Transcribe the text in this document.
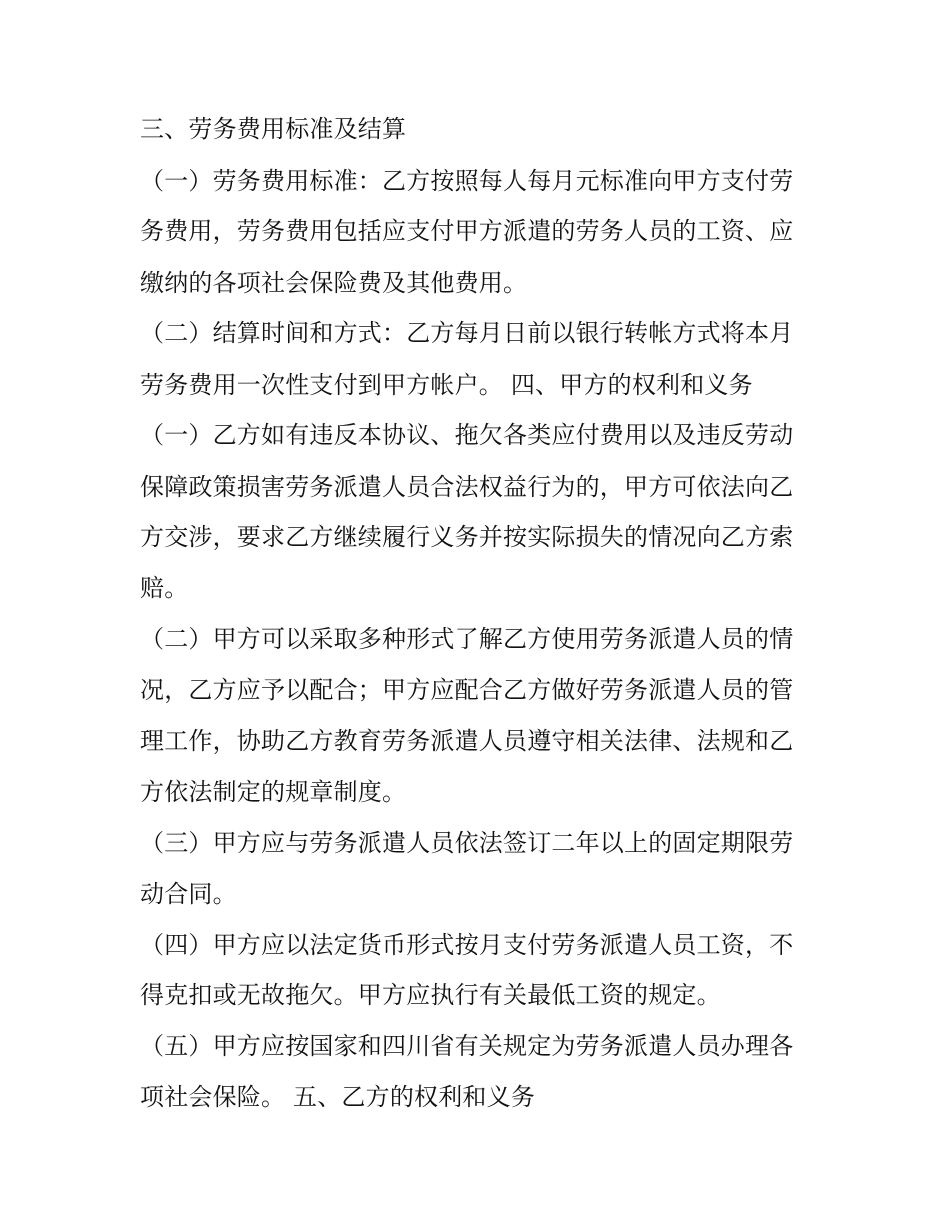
三、劳务费用标准及结算
（一）劳务费用标准：乙方按照每人每月元标准向甲方支付劳
务费用，劳务费用包括应支付甲方派遣的劳务人员的工资、应
缴纳的各项社会保险费及其他费用。
（二）结算时间和方式：乙方每月日前以银行转帐方式将本月
劳务费用一次性支付到甲方帐户。 四、甲方的权利和义务
（一）乙方如有违反本协议、拖欠各类应付费用以及违反劳动
保障政策损害劳务派遣人员合法权益行为的，甲方可依法向乙
方交涉，要求乙方继续履行义务并按实际损失的情况向乙方索
赔。
（二）甲方可以采取多种形式了解乙方使用劳务派遣人员的情
况，乙方应予以配合；甲方应配合乙方做好劳务派遣人员的管
理工作，协助乙方教育劳务派遣人员遵守相关法律、法规和乙
方依法制定的规章制度。
（三）甲方应与劳务派遣人员依法签订二年以上的固定期限劳
动合同。
（四）甲方应以法定货币形式按月支付劳务派遣人员工资，不
得克扣或无故拖欠。甲方应执行有关最低工资的规定。
（五）甲方应按国家和四川省有关规定为劳务派遣人员办理各
项社会保险。 五、乙方的权利和义务
